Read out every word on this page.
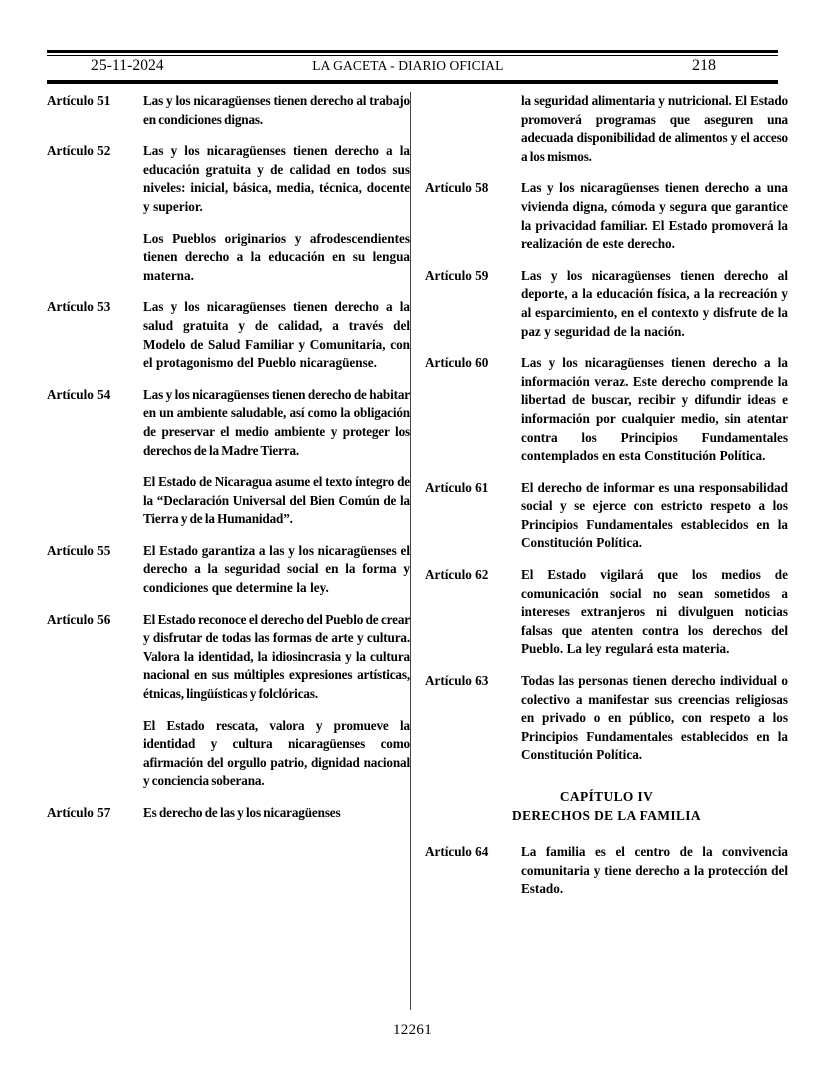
25-11-2024	LA GACETA - DIARIO OFICIAL	218
Artículo 51	Las y los nicaragüenses tienen derecho al trabajo en condiciones dignas.

Artículo 52	Las y los nicaragüenses tienen derecho a la educación gratuita y de calidad en todos sus niveles: inicial, básica, media, técnica, docente y superior.

Los Pueblos originarios y afrodescendientes tienen derecho a la educación en su lengua materna.

Artículo 53	Las y los nicaragüenses tienen derecho a la salud gratuita y de calidad, a través del Modelo de Salud Familiar y Comunitaria, con el protagonismo del Pueblo nicaragüense.

Artículo 54	Las y los nicaragüenses tienen derecho de habitar en un ambiente saludable, así como la obligación de preservar el medio ambiente y proteger los derechos de la Madre Tierra.

El Estado de Nicaragua asume el texto íntegro de la “Declaración Universal del Bien Común de la Tierra y de la Humanidad”.

Artículo 55	El Estado garantiza a las y los nicaragüenses el derecho a la seguridad social en la forma y condiciones que determine la ley.

Artículo 56	El Estado reconoce el derecho del Pueblo de crear y disfrutar de todas las formas de arte y cultura. Valora la identidad, la idiosincrasia y la cultura nacional en sus múltiples expresiones artísticas, étnicas, lingüísticas y folclóricas.

El Estado rescata, valora y promueve la identidad y cultura nicaragüenses como afirmación del orgullo patrio, dignidad nacional y conciencia soberana.

Artículo 57	Es derecho de las y los nicaragüenses

la seguridad alimentaria y nutricional. El Estado promoverá programas que aseguren una adecuada disponibilidad de alimentos y el acceso a los mismos.

Artículo 58	Las y los nicaragüenses tienen derecho a una vivienda digna, cómoda y segura que garantice la privacidad familiar. El Estado promoverá la realización de este derecho.

Artículo 59	Las y los nicaragüenses tienen derecho al deporte, a la educación física, a la recreación y al esparcimiento, en el contexto y disfrute de la paz y seguridad de la nación.

Artículo 60	Las y los nicaragüenses tienen derecho a la información veraz. Este derecho comprende la libertad de buscar, recibir y difundir ideas e información por cualquier medio, sin atentar contra los Principios Fundamentales contemplados en esta Constitución Política.

Artículo 61	El derecho de informar es una responsabilidad social y se ejerce con estricto respeto a los Principios Fundamentales establecidos en la Constitución Política.

Artículo 62	El Estado vigilará que los medios de comunicación social no sean sometidos a intereses extranjeros ni divulguen noticias falsas que atenten contra los derechos del Pueblo. La ley regulará esta materia.

Artículo 63	Todas las personas tienen derecho individual o colectivo a manifestar sus creencias religiosas en privado o en público, con respeto a los Principios Fundamentales establecidos en la Constitución Política.

CAPÍTULO IV
DERECHOS DE LA FAMILIA
Artículo 64	La familia es el centro de la convivencia comunitaria y tiene derecho a la protección del Estado.

12261
